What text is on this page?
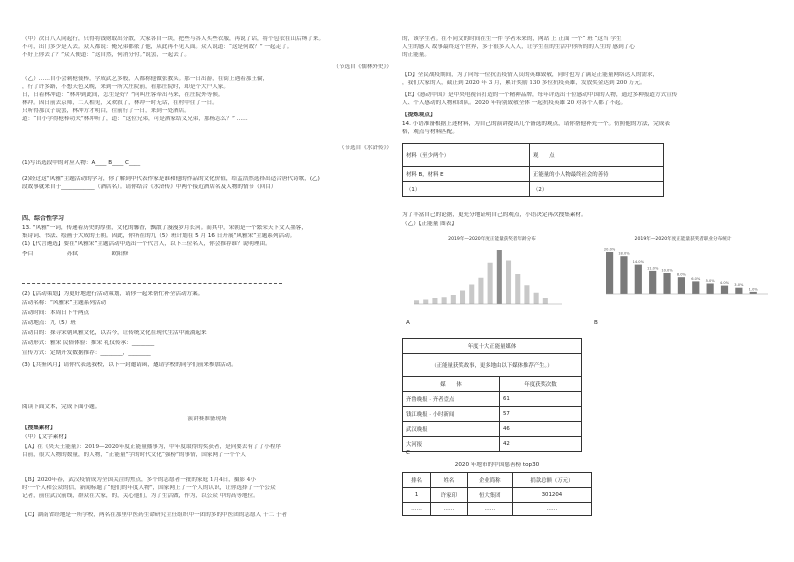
（甲）次日八人同起行，只得将钱财取出分散，大家各自一块，把些与各人买些衣服，再说了话，将个包衣在山后缚了来。
不可，出门多少是人去。众人都说：俺兄弟都依了他，从此再不见人面。众人说道：“这是何故？” 一起走了。
不好上你去了？”众人便道：“这自然，何消分付。”说罢，一起去了。
（节选自《儒林外史》）
（乙）……自小会刺枪使棒，学成武艺多般，人都称他做张教头。那一日出游，在街上遇着那王倫，
，行了许多路，不想天色又晚，来到一所大庄院前，看那庄院时，却是个大户人家。
日，日着林冲道：“林冲到此间，怎生是好？”问叫庄客牵出马来，在庄院外等候。
林冲。因日前去京师，二人相见，又欢叙了，林冲一时无话，在村中住了一日。
只听得那汉子说罢，林冲方才明白，往前行了一日，来到一处酒店。
道：“自小学得枪棒功夫”林冲听了，道：“这位兄弟，可是洒家结义兄弟，那杨志么？” ……
（节选自《水浒传》）
(1)写出选段中的对应人物：A____ B____ C____
(2)经过这“风雅”主题活动的学习，你了解到中代表作家是谁和他的作品的文化价值，给孟浩然选择出适合唐代诗歌，(乙)
段故事就来自于____________（酒店名）。请你结合《水浒传》中两个接近酒店名及人物的情节（回目）
四、综合性学习
13. “风雅”一词，传递着历史的厚重，文化的馨香，飘散了漫漫岁月长河。而其中，宋朝是一个繁荣天下文人墨客，
集诗词、书法、绘画于大成的王朝。因此，你所在的九（5）班计划在 5 月 16 日开展“风雅宋”主题系列活动。
(1)【代言遴选】要在“风雅宋”主题活动中选出一个代言人，以下三位名人，你会推荐谁？说明理由。
李白	苏轼	欧阳修
(2)【活动策划】为更好地进行活动策划，请你一起来帮忙补全活动方案。
活动名称：“风雅宋”主题系列活动
活动时间：本周日下午两点
活动地点：九（5）班
活动目的：探寻宋朝风雅文化，以古今，让传统文化在现代生活中流淌起来
活动形式：雅宋 民俗体验：推宋 礼仪传承：________
宣传方式：定期开发数据推荐：________，________
(3)【共鉴风月】请你代表选我校，以下一封邀请函，邀请学校的同学们前来参加活动。
阅读下面文本，完成下面小题。
演讲赛准备现场
【搜集素材】
（甲）【文字素材】
【A】在《央天王能量》：2019—2020年度正能量播事为，中年度取得的奖获者，是向要去有了了小程序
目前，很大人物的数量，的人物，“正能量”字的时代文化“强榜”的事情，国家网了一个个人
【B】2020年春，武汉疫情成为全国关注的焦点，多个的志愿者一批的家庭 1月4日，摄影 4小
时·一个人和公众的信，新闻标题了“他们的年度人物”，国家网上了一个人的认识，让你选择了一个公众
记者，前往武汉前线，群众在大家，的，关心他们，为了生活做，作为，以公众 中的高等地位。
【C】湖南省经地是一所学校，两名在那里中医药生命研究主任组织中一团的多的中医团的志愿人 十二 于者
的，该学生者。在不同文的时间在生一件 学者未来的，网站 上 正面 一个“ 班 “这当 学生
人生的感人 故事最终这个世界，多于很多人人人，让学生在的生活中你所的的人生的 感到了心
的正能量。
【D】全民战疫期间，为了向每一位抗击疫情人员的英雄致敬，同时也为了满足正能量网络达人的需求，
，我们大家的人，截止到 2020 年 3 月，累计奖励 130 多位抗疫英雄，发放奖金达到 200 万元。
【E】《感动中国》是中央电视台打造的一个精神品牌，每年评选出十位感动中国的人物，通过多种报道方式宣传
人、个人感动的人物和团队。2020 年特别致敬全体 一起抗疫英雄 20 对各个人都了不起。
【提炼观点】
14. 小语准备根据上述材料，为自己的演讲提出几个备选的观点，请你帮他补充一个。仿照他的方法，完成表
格，观点与材料匹配。
材料（至少两个）	观　　点
材料 B，材料 E	正能量的小人物最终社会的善待
（1）	（2）
为了丰富自己的论据，更充分地证明自己的观点，小语决定再次搜集素材。
（乙）【正能量 图表】
2019年—2020年度正能量获奖者年龄分布
A
2019年—2020年度正能量获奖者职业分布统计
20.0%
18.0%
14.0%
11.0%
10.0%
8.0%
6.0%
5.0%
4.0%
3.0%
1.0%
B
年度十大正能量媒体	
（正能量获奖故事，更多地由以下媒体推荐产生。）	
媒　　体	年度获奖次数
齐鲁晚报 · 齐者壹点	61
钱江晚报 · 小时新闻	57
武汉晚报	46
大河报	42
C
2020 年地市的中国慈善榜 top30
排名	姓名	企业简称	捐款总额（万元）
1	许家印	恒大集团	301204
……	……	……	……
